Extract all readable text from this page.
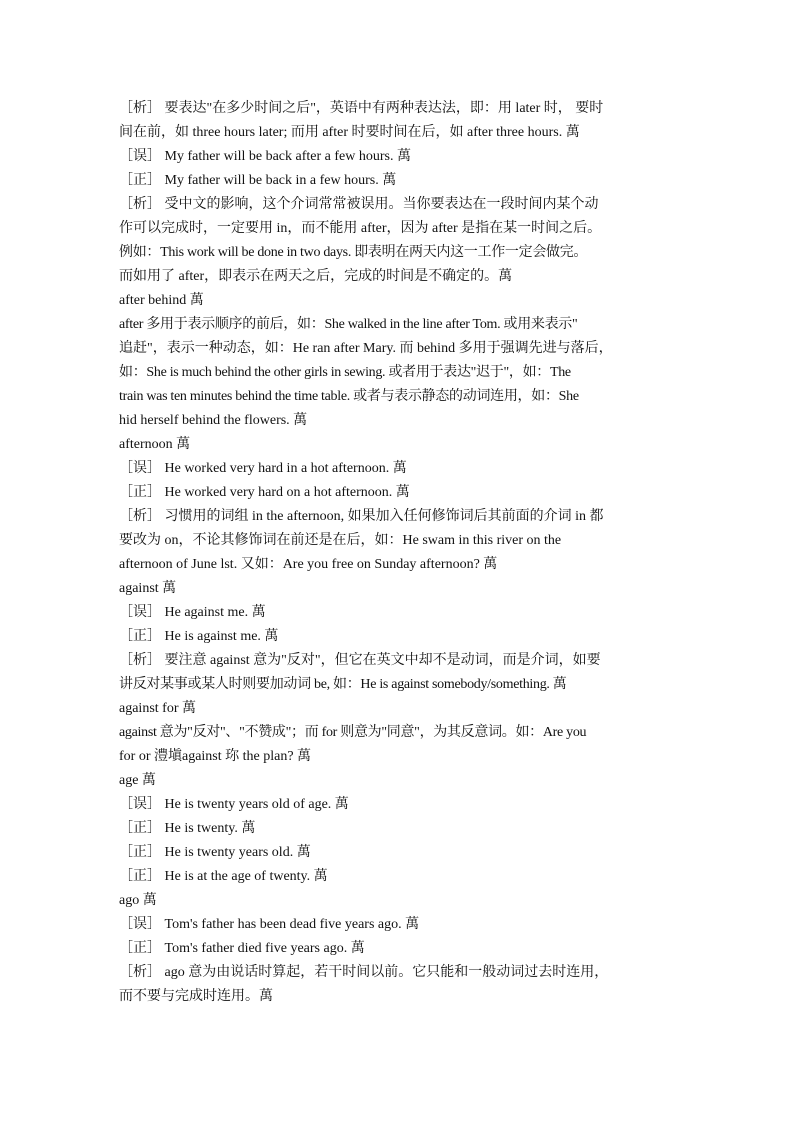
［析］ 要表达"在多少时间之后"，英语中有两种表达法，即：用 later 时， 要时
间在前，如 three hours later; 而用 after 时要时间在后，如 after three hours. 萬
［误］ My father will be back after a few hours. 萬
［正］ My father will be back in a few hours. 萬
［析］ 受中文的影响，这个介词常常被误用。当你要表达在一段时间内某个动
作可以完成时，一定要用 in，而不能用 after，因为 after 是指在某一时间之后。
例如：This work will be done in two days. 即表明在两天内这一工作一定会做完。
而如用了 after，即表示在两天之后，完成的时间是不确定的。萬
after behind 萬
after 多用于表示顺序的前后，如：She walked in the line after Tom. 或用来表示"
追赶"，表示一种动态，如：He ran after Mary. 而 behind 多用于强调先进与落后，
如：She is much behind the other girls in sewing. 或者用于表达"迟于"，如：The
train was ten minutes behind the time table. 或者与表示静态的动词连用，如：She
hid herself behind the flowers. 萬
afternoon 萬
［误］ He worked very hard in a hot afternoon. 萬
［正］ He worked very hard on a hot afternoon. 萬
［析］ 习惯用的词组 in the afternoon, 如果加入任何修饰词后其前面的介词 in 都
要改为 on，不论其修饰词在前还是在后，如：He swam in this river on the
afternoon of June lst. 又如：Are you free on Sunday afternoon? 萬
against 萬
［误］ He against me. 萬
［正］ He is against me. 萬
［析］ 要注意 against 意为"反对"，但它在英文中却不是动词，而是介词，如要
讲反对某事或某人时则要加动词 be, 如：He is against somebody/something. 萬
against for 萬
against 意为"反对"、"不赞成"；而 for 则意为"同意"，为其反意词。如：Are you
for or 澧塡against 珎 the plan? 萬
age 萬
［误］ He is twenty years old of age. 萬
［正］ He is twenty. 萬
［正］ He is twenty years old. 萬
［正］ He is at the age of twenty. 萬
ago 萬
［误］ Tom's father has been dead five years ago. 萬
［正］ Tom's father died five years ago. 萬
［析］ ago 意为由说话时算起，若干时间以前。它只能和一般动词过去时连用，
而不要与完成时连用。萬
